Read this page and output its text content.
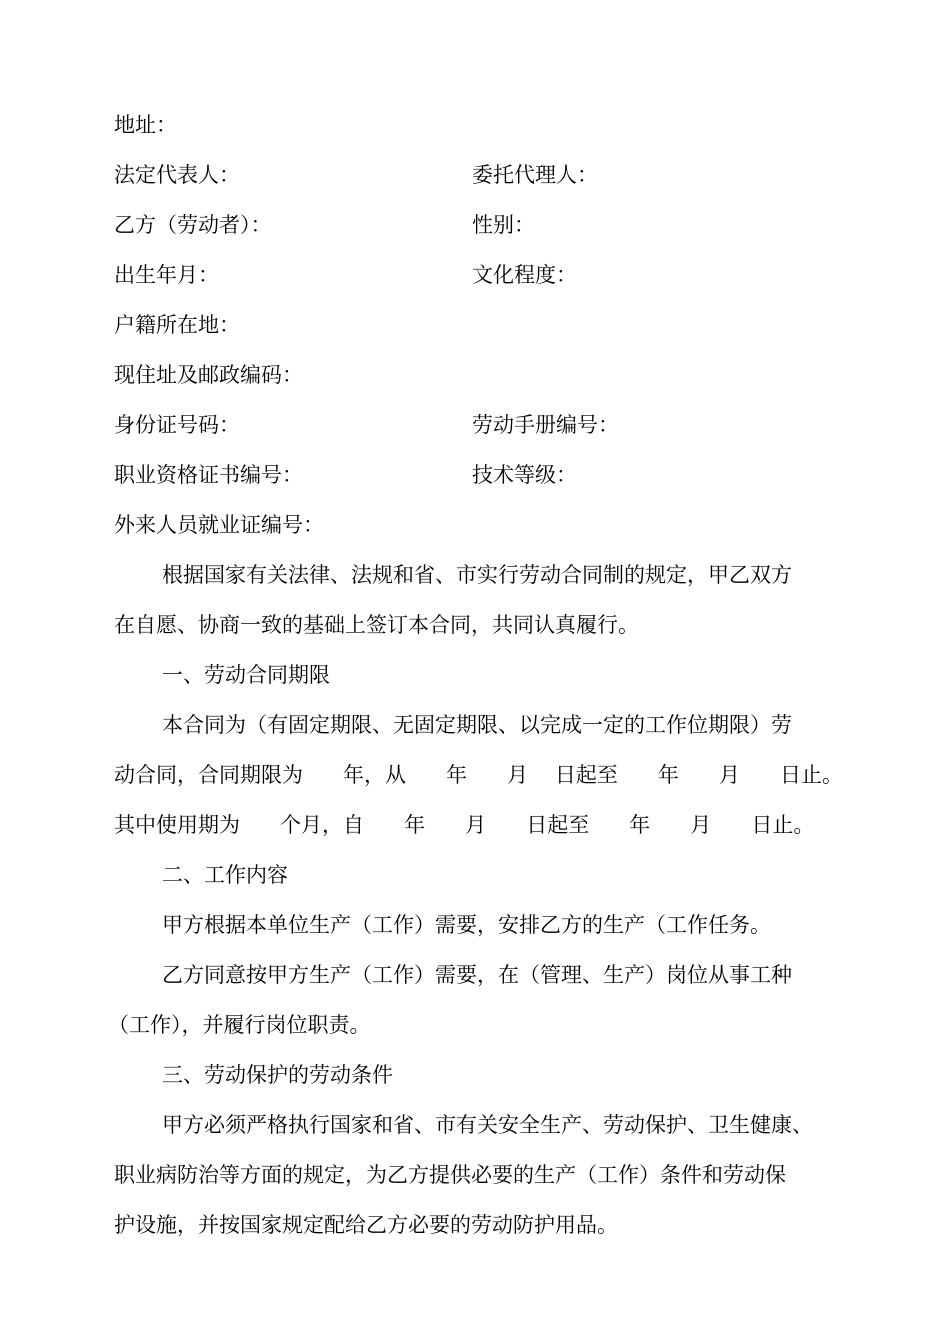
地址：
法定代表人：	委托代理人：
乙方（劳动者）：	性别：
出生年月：	文化程度：
户籍所在地：
现住址及邮政编码：
身份证号码：	劳动手册编号：
职业资格证书编号：	技术等级：
外来人员就业证编号：
根据国家有关法律、法规和省、市实行劳动合同制的规定，甲乙双方
在自愿、协商一致的基础上签订本合同，共同认真履行。
一、劳动合同期限
本合同为（有固定期限、无固定期限、以完成一定的工作位期限）劳
动合同，合同期限为      年，从      年      月    日起至      年      月      日止。
其中使用期为      个月，自      年      月      日起至      年      月      日止。
二、工作内容
甲方根据本单位生产（工作）需要，安排乙方的生产（工作任务。
乙方同意按甲方生产（工作）需要，在（管理、生产）岗位从事工种
（工作），并履行岗位职责。
三、劳动保护的劳动条件
甲方必须严格执行国家和省、市有关安全生产、劳动保护、卫生健康、
职业病防治等方面的规定，为乙方提供必要的生产（工作）条件和劳动保
护设施，并按国家规定配给乙方必要的劳动防护用品。
